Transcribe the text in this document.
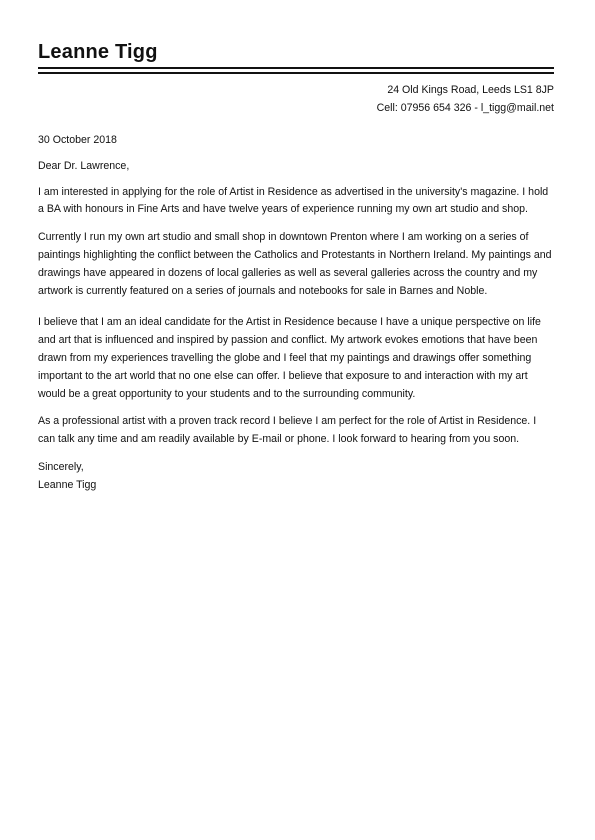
Leanne Tigg
24 Old Kings Road, Leeds LS1 8JP
Cell: 07956 654 326 - l_tigg@mail.net

30 October 2018

Dear Dr. Lawrence,

I am interested in applying for the role of Artist in Residence as advertised in the university's magazine. I hold a BA with honours in Fine Arts and have twelve years of experience running my own art studio and shop.

Currently I run my own art studio and small shop in downtown Prenton where I am working on a series of paintings highlighting the conflict between the Catholics and Protestants in Northern Ireland. My paintings and drawings have appeared in dozens of local galleries as well as several galleries across the country and my artwork is currently featured on a series of journals and notebooks for sale in Barnes and Noble.

I believe that I am an ideal candidate for the Artist in Residence because I have a unique perspective on life and art that is influenced and inspired by passion and conflict. My artwork evokes emotions that have been drawn from my experiences travelling the globe and I feel that my paintings and drawings offer something important to the art world that no one else can offer. I believe that exposure to and interaction with my art would be a great opportunity to your students and to the surrounding community.

As a professional artist with a proven track record I believe I am perfect for the role of Artist in Residence. I can talk any time and am readily available by E-mail or phone. I look forward to hearing from you soon.

Sincerely,

Leanne Tigg
